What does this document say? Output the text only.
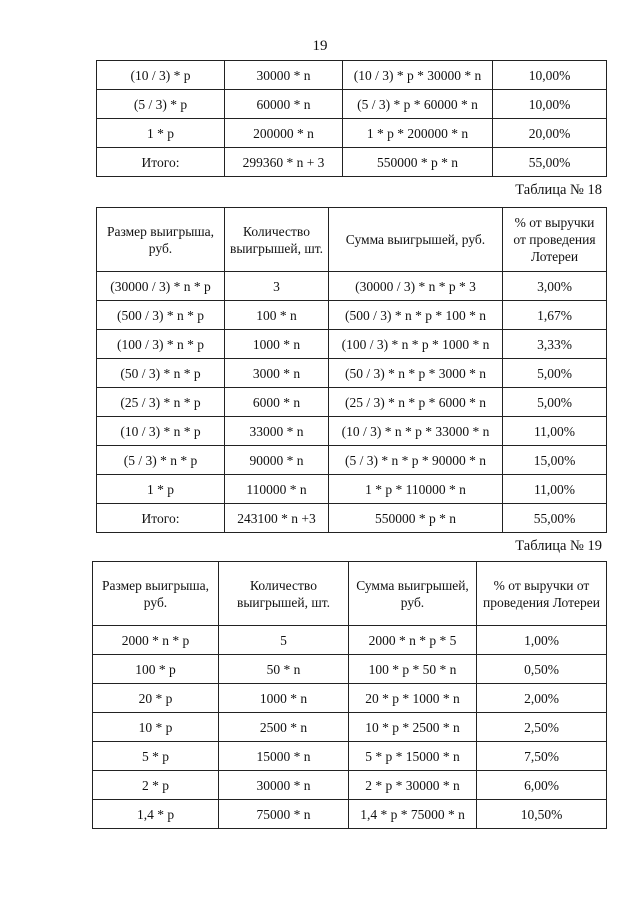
19
(10 / 3) * p	30000 * n	(10 / 3) * p * 30000 * n	10,00%
(5 / 3) * p	60000 * n	(5 / 3) * p * 60000 * n	10,00%
1 * p	200000 * n	1 * p * 200000 * n	20,00%
Итого:	299360 * n + 3	550000 * p * n	55,00%
Таблица № 18
Размер выигрыша, руб.	Количество выигрышей, шт.	Сумма выигрышей, руб.	% от выручки от проведения Лотереи
(30000 / 3) * n * p	3	(30000 / 3) * n * p * 3	3,00%
(500 / 3) * n * p	100 * n	(500 / 3) * n * p * 100 * n	1,67%
(100 / 3) * n * p	1000 * n	(100 / 3) * n * p * 1000 * n	3,33%
(50 / 3) * n * p	3000 * n	(50 / 3) * n * p * 3000 * n	5,00%
(25 / 3) * n * p	6000 * n	(25 / 3) * n * p * 6000 * n	5,00%
(10 / 3) * n * p	33000 * n	(10 / 3) * n * p * 33000 * n	11,00%
(5 / 3) * n * p	90000 * n	(5 / 3) * n * p * 90000 * n	15,00%
1 * p	110000 * n	1 * p * 110000 * n	11,00%
Итого:	243100 * n +3	550000 * p * n	55,00%
Таблица № 19
Размер выигрыша, руб.	Количество выигрышей, шт.	Сумма выигрышей, руб.	% от выручки от проведения Лотереи
2000 * n * p	5	2000 * n * p * 5	1,00%
100 * p	50 * n	100 * p * 50 * n	0,50%
20 * p	1000 * n	20 * p * 1000 * n	2,00%
10 * p	2500 * n	10 * p * 2500 * n	2,50%
5 * p	15000 * n	5 * p * 15000 * n	7,50%
2 * p	30000 * n	2 * p * 30000 * n	6,00%
1,4 * p	75000 * n	1,4 * p * 75000 * n	10,50%
